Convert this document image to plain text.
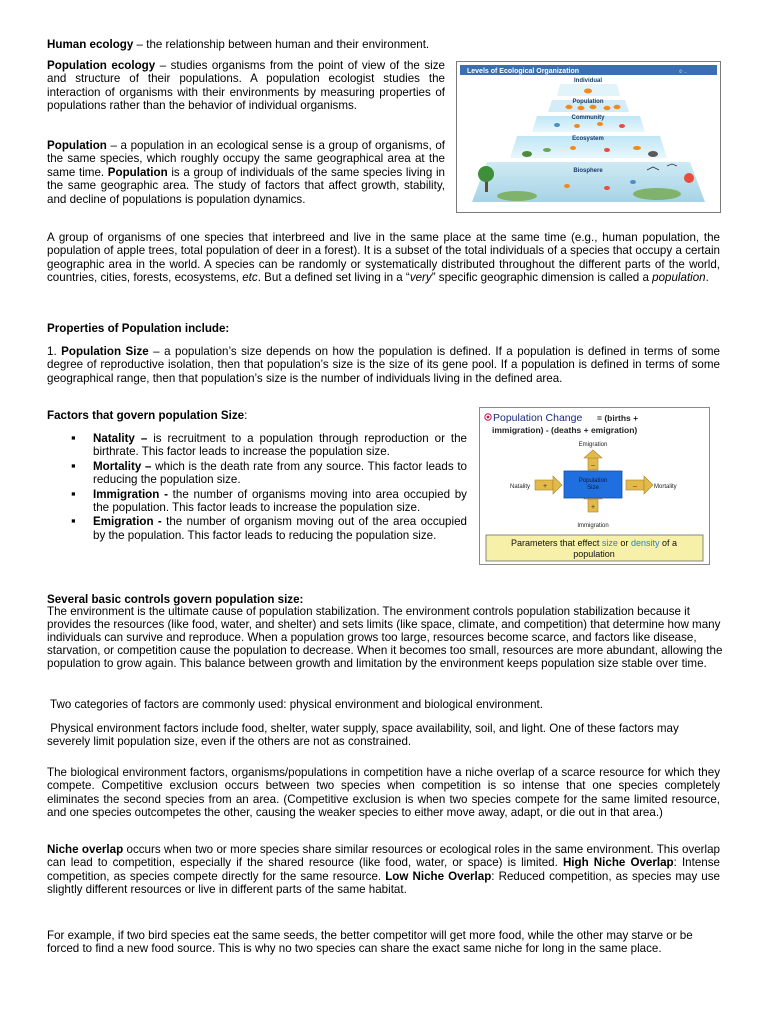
Human ecology – the relationship between human and their environment.

Population ecology – studies organisms from the point of view of the size and structure of their populations. A population ecologist studies the interaction of organisms with their environments by measuring properties of populations rather than the behavior of individual organisms.

Population – a population in an ecological sense is a group of organisms, of the same species, which roughly occupy the same geographical area at the same time. Population is a group of individuals of the same species living in the same geographic area. The study of factors that affect growth, stability, and decline of populations is population dynamics.

Levels of Ecological Organization	© ...
Individual
Population
Community
Ecosystem
Biosphere

A group of organisms of one species that interbreed and live in the same place at the same time (e.g., human population, the population of apple trees, total population of deer in a forest). It is a subset of the total individuals of a species that occupy a certain geographic area in the world. A species can be randomly or systematically distributed throughout the different parts of the world, countries, cities, forests, ecosystems, etc. But a defined set living in a “very” specific geographic dimension is called a population.

Properties of Population include:

1. Population Size – a population’s size depends on how the population is defined. If a population is defined in terms of some degree of reproductive isolation, then that population’s size is the size of its gene pool. If a population is defined in terms of some geographical range, then that population’s size is the number of individuals living in the defined area.

Factors that govern population Size:

▪ Natality – is recruitment to a population through reproduction or the birthrate. This factor leads to increase the population size.
▪ Mortality – which is the death rate from any source. This factor leads to reducing the population size.
▪ Immigration - the number of organisms moving into area occupied by the population. This factor leads to increase the population size.
▪ Emigration - the number of organism moving out of the area occupied by the population. This factor leads to reducing the population size.
Population Change = (births +
immigration) - (deaths + emigration)
Emigration
Natality	Mortality
Immigration
–
+
+	–
Population
Size
Parameters that effect size or density of a
population

Several basic controls govern population size:

The environment is the ultimate cause of population stabilization. The environment controls population stabilization because it provides the resources (like food, water, and shelter) and sets limits (like space, climate, and competition) that determine how many individuals can survive and reproduce. When a population grows too large, resources become scarce, and factors like disease, starvation, or competition cause the population to decrease. When it becomes too small, resources are more abundant, allowing the population to grow again. This balance between growth and limitation by the environment keeps population size stable over time.

Two categories of factors are commonly used: physical environment and biological environment.

Physical environment factors include food, shelter, water supply, space availability, soil, and light. One of these factors may severely limit population size, even if the others are not as constrained.

The biological environment factors, organisms/populations in competition have a niche overlap of a scarce resource for which they compete. Competitive exclusion occurs between two species when competition is so intense that one species completely eliminates the second species from an area. (Competitive exclusion is when two species compete for the same limited resource, and one species outcompetes the other, causing the weaker species to either move away, adapt, or die out in that area.)

Niche overlap occurs when two or more species share similar resources or ecological roles in the same environment. This overlap can lead to competition, especially if the shared resource (like food, water, or space) is limited. High Niche Overlap: Intense competition, as species compete directly for the same resource. Low Niche Overlap: Reduced competition, as species may use slightly different resources or live in different parts of the same habitat.

For example, if two bird species eat the same seeds, the better competitor will get more food, while the other may starve or be forced to find a new food source. This is why no two species can share the exact same niche for long in the same place.
